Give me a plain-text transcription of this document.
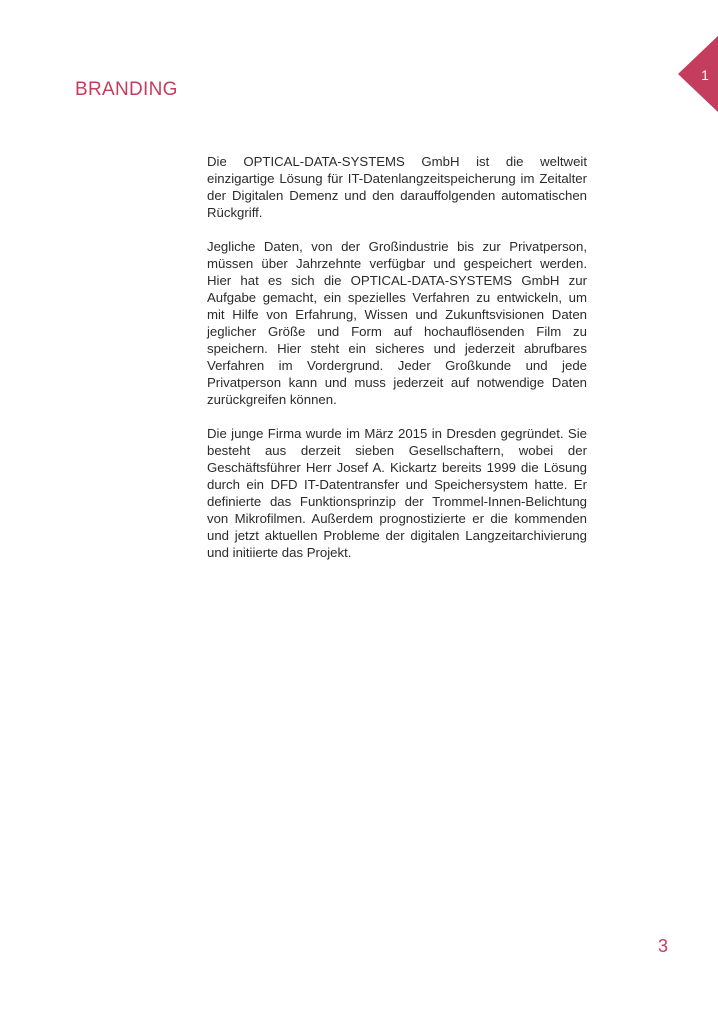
1
BRANDING

Die OPTICAL-DATA-SYSTEMS GmbH ist die weltweit einzigartige Lösung für IT-Datenlangzeitspeicherung im Zeitalter der Digitalen Demenz und den darauffolgenden automatischen Rückgriff.

Jegliche Daten, von der Großindustrie bis zur Privatperson, müssen über Jahrzehnte verfügbar und gespeichert werden. Hier hat es sich die OPTICAL-DATA-SYSTEMS GmbH zur Aufgabe gemacht, ein spezielles Verfahren zu entwickeln, um mit Hilfe von Erfahrung, Wissen und Zukunftsvisionen Daten jeglicher Größe und Form auf hochauflösenden Film zu speichern. Hier steht ein sicheres und jederzeit abrufbares Verfahren im Vordergrund. Jeder Großkunde und jede Privatperson kann und muss jederzeit auf notwendige Daten zurückgreifen können.

Die junge Firma wurde im März 2015 in Dresden gegründet. Sie besteht aus derzeit sieben Gesellschaftern, wobei der Geschäftsführer Herr Josef A. Kickartz bereits 1999 die Lösung durch ein DFD IT-Datentransfer und Speichersystem hatte. Er definierte das Funktionsprinzip der Trommel-Innen-Belichtung von Mikrofilmen. Außerdem prognostizierte er die kommenden und jetzt aktuellen Probleme der digitalen Langzeitarchivierung und initiierte das Projekt.

3
